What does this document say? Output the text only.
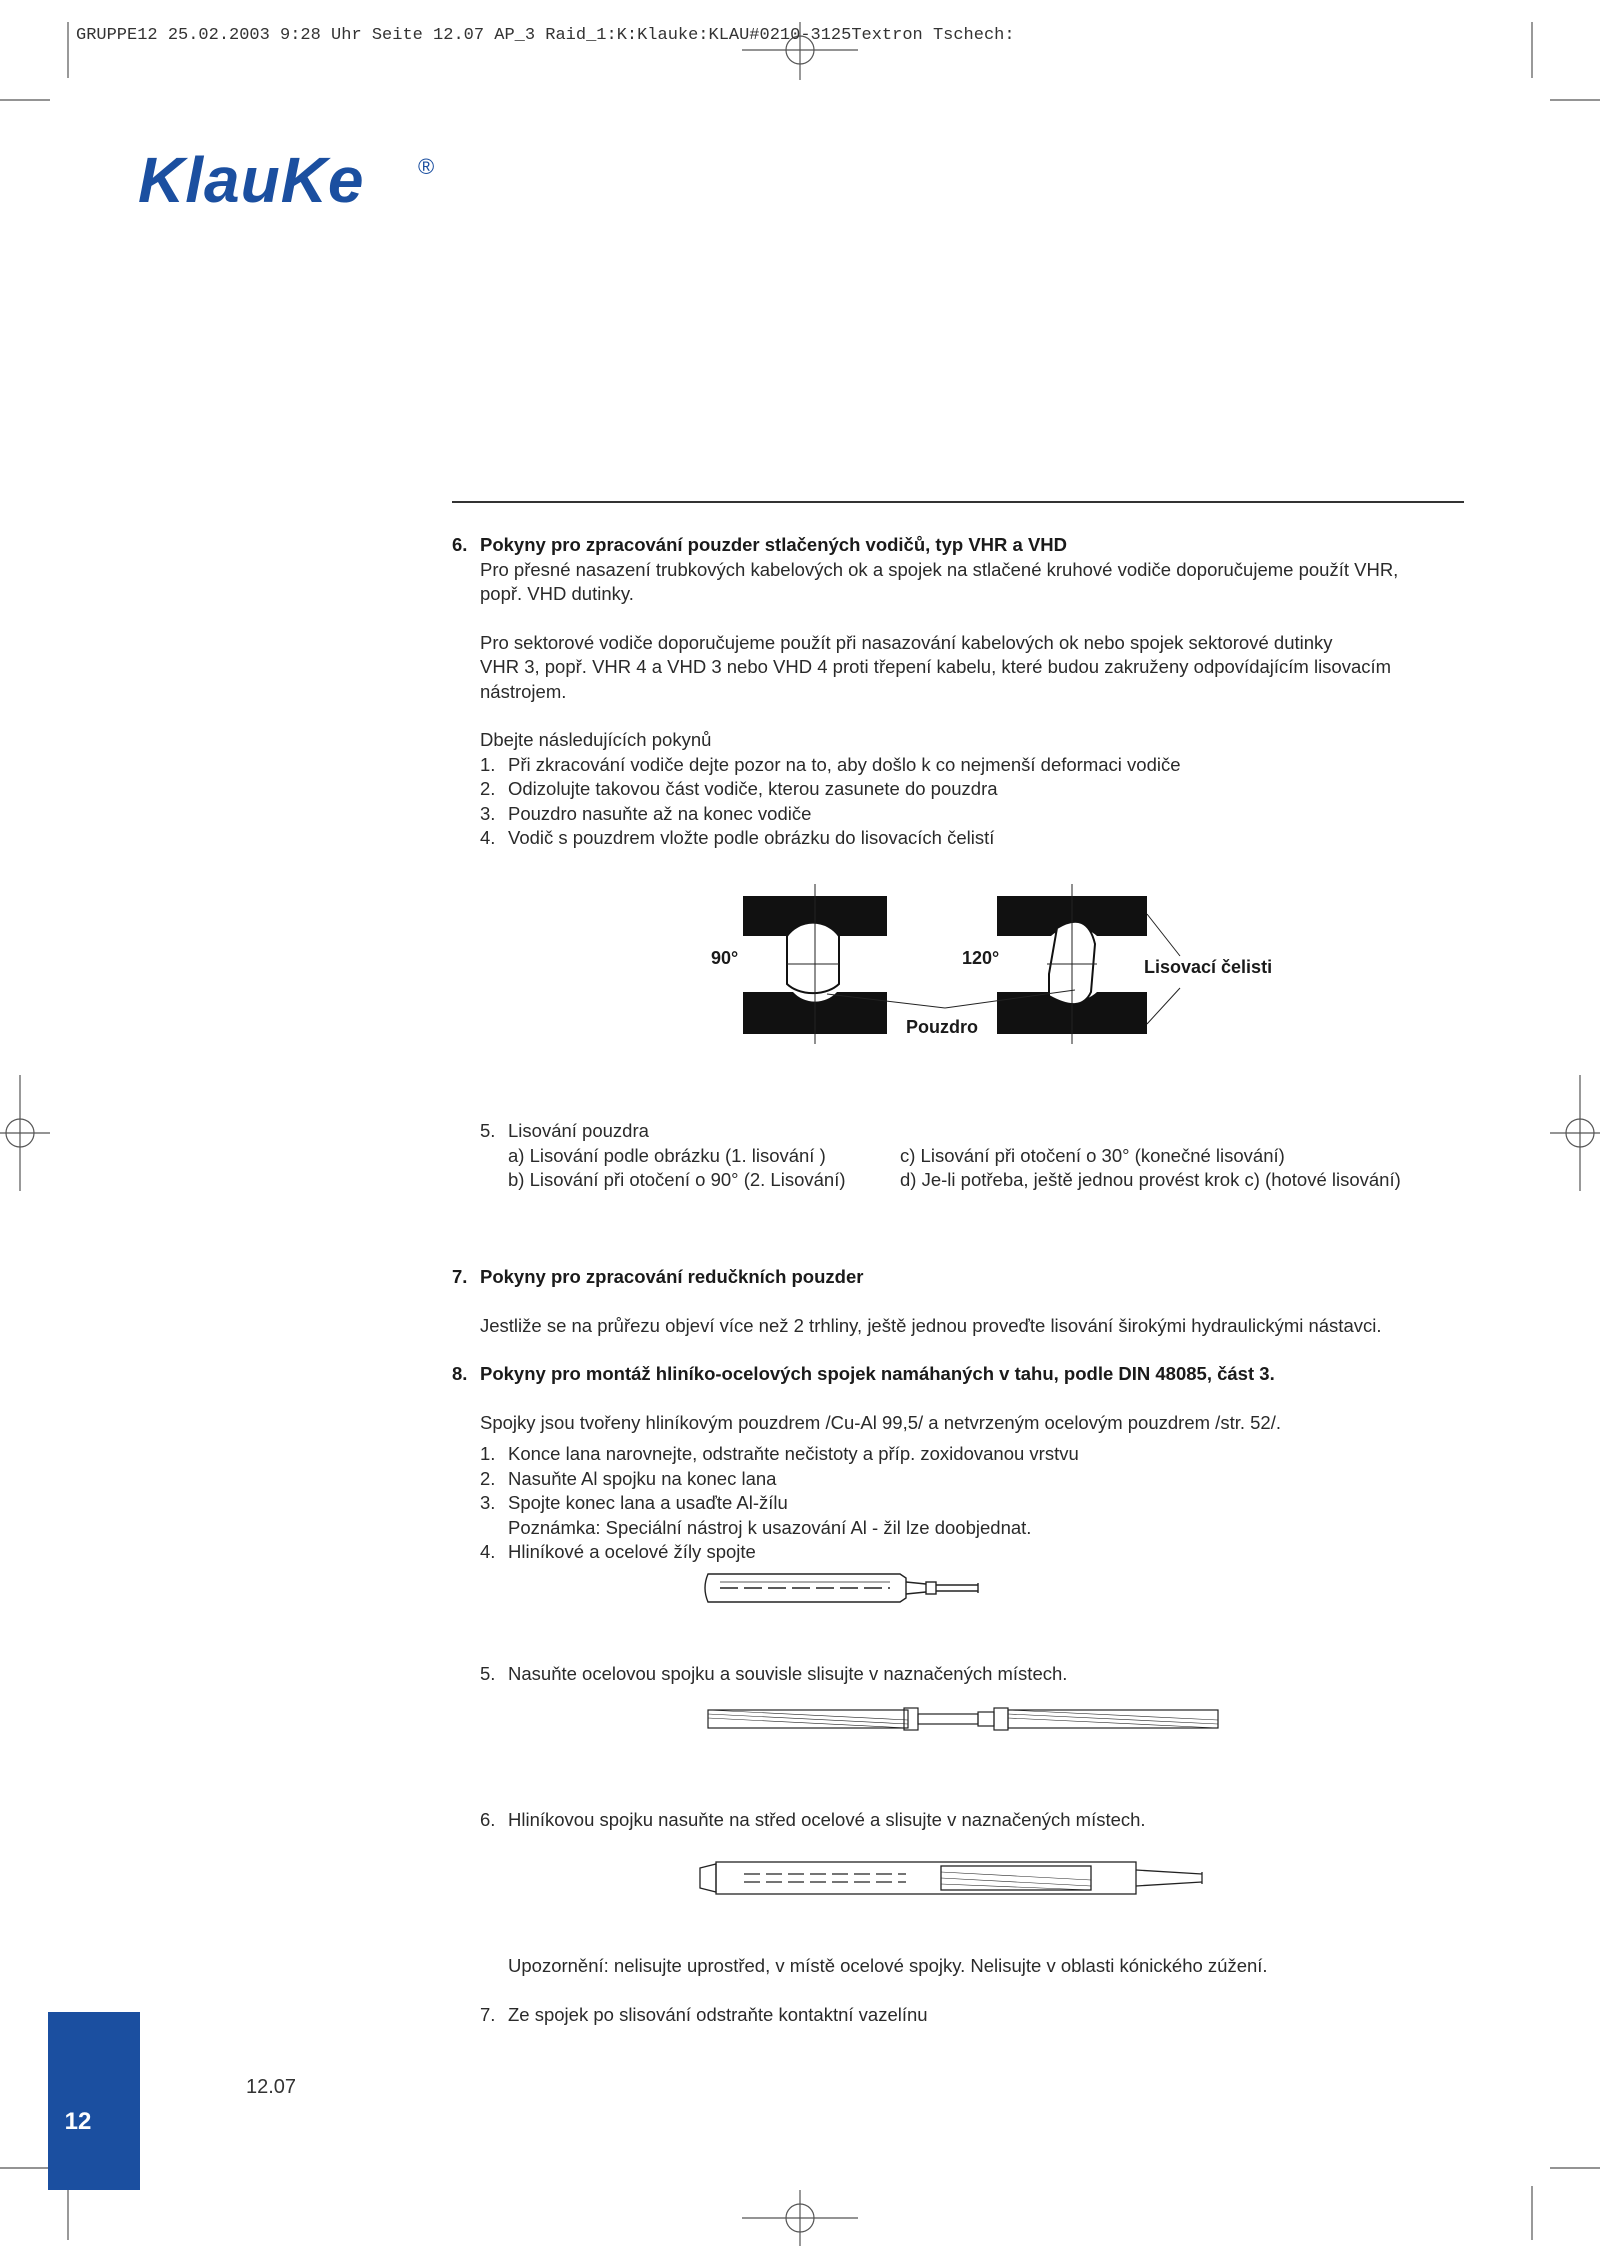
GRUPPE12 25.02.2003 9:28 Uhr Seite 12.07 AP_3 Raid_1:K:Klauke:KLAU#0210-3125Textron Tschech:
KlauKe ®
6. Pokyny pro zpracování pouzder stlačených vodičů, typ VHR a VHD
Pro přesné nasazení trubkových kabelových ok a spojek na stlačené kruhové vodiče doporučujeme použít VHR,
popř. VHD dutinky.
Pro sektorové vodiče doporučujeme použít při nasazování kabelových ok nebo spojek sektorové dutinky
VHR 3, popř. VHR 4 a VHD 3 nebo VHD 4 proti třepení kabelu, které budou zakruženy odpovídajícím lisovacím
nástrojem.
Dbejte následujících pokynů
1. Při zkracování vodiče dejte pozor na to, aby došlo k co nejmenší deformaci vodiče
2. Odizolujte takovou část vodiče, kterou zasunete do pouzdra
3. Pouzdro nasuňte až na konec vodiče
4. Vodič s pouzdrem vložte podle obrázku do lisovacích čelistí
90°	120°
Pouzdro
Lisovací čelisti
5. Lisování pouzdra
a) Lisování podle obrázku (1. lisování )
b) Lisování při otočení o 90° (2. Lisování)
c) Lisování při otočení o 30° (konečné lisování)
d) Je-li potřeba, ještě jednou provést krok c) (hotové lisování)
7. Pokyny pro zpracování redučkních pouzder
Jestliže se na průřezu objeví více než 2 trhliny, ještě jednou proveďte lisování širokými hydraulickými nástavci.
8. Pokyny pro montáž hliníko-ocelových spojek namáhaných v tahu, podle DIN 48085, část 3.
Spojky jsou tvořeny hliníkovým pouzdrem /Cu-Al 99,5/ a netvrzeným ocelovým pouzdrem /str. 52/.
1. Konce lana narovnejte, odstraňte nečistoty a příp. zoxidovanou vrstvu
2. Nasuňte Al spojku na konec lana
3. Spojte konec lana a usaďte Al-žílu
Poznámka: Speciální nástroj k usazování Al - žil lze doobjednat.
4. Hliníkové a ocelové žíly spojte
5. Nasuňte ocelovou spojku a souvisle slisujte v naznačených místech.
6. Hliníkovou spojku nasuňte na střed ocelové a slisujte v naznačených místech.
Upozornění: nelisujte uprostřed, v místě ocelové spojky. Nelisujte v oblasti kónického zúžení.
7. Ze spojek po slisování odstraňte kontaktní vazelínu
12
12.07
